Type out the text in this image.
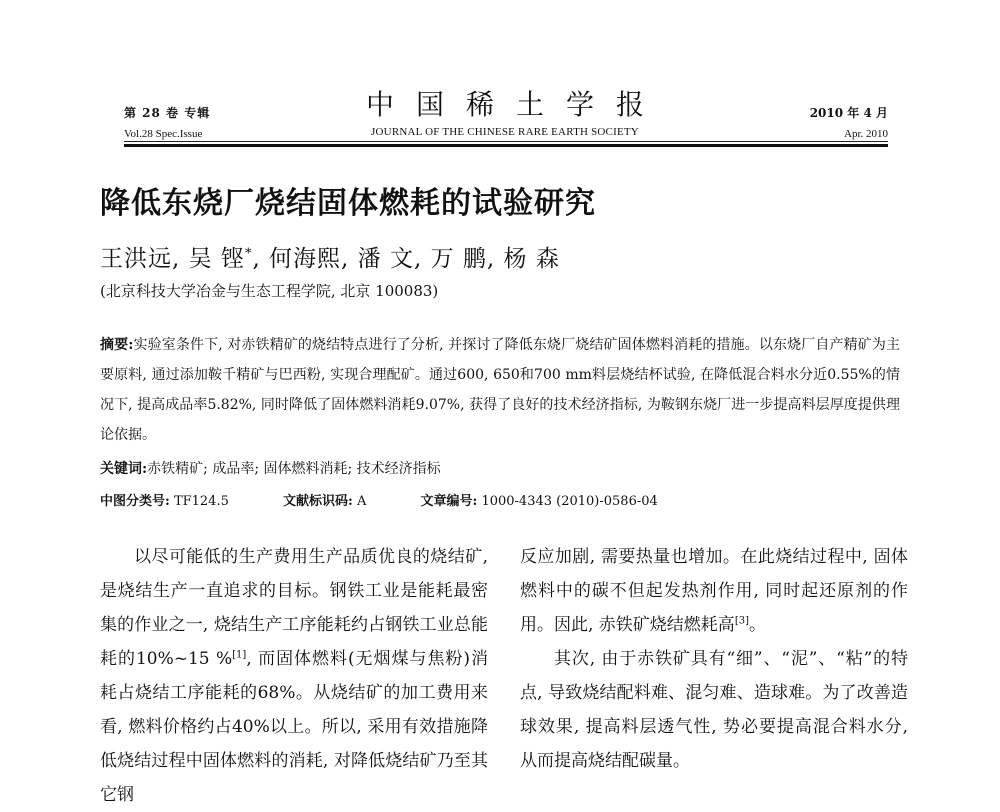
第 28 卷 专辑
Vol.28 Spec.Issue
中国稀土学报
JOURNAL OF THE CHINESE RARE EARTH SOCIETY
2010 年 4 月
Apr. 2010
降低东烧厂烧结固体燃耗的试验研究
王洪远, 吴 铿*, 何海熙, 潘 文, 万 鹏, 杨 森
(北京科技大学冶金与生态工程学院, 北京 100083)
摘要:实验室条件下, 对赤铁精矿的烧结特点进行了分析, 并探讨了降低东烧厂烧结矿固体燃料消耗的措施。以东烧厂自产精矿为主要原料, 通过添加鞍千精矿与巴西粉, 实现合理配矿。通过600, 650和700 mm料层烧结杯试验, 在降低混合料水分近0.55%的情况下, 提高成品率5.82%, 同时降低了固体燃料消耗9.07%, 获得了良好的技术经济指标, 为鞍钢东烧厂进一步提高料层厚度提供理论依据。
关键词:赤铁精矿; 成品率; 固体燃料消耗; 技术经济指标
中图分类号: TF124.5	文献标识码: A	文章编号: 1000-4343 (2010)-0586-04

以尽可能低的生产费用生产品质优良的烧结矿, 是烧结生产一直追求的目标。钢铁工业是能耗最密集的作业之一, 烧结生产工序能耗约占钢铁工业总能耗的10%~15 %[1], 而固体燃料(无烟煤与焦粉)消耗占烧结工序能耗的68%。从烧结矿的加工费用来看, 燃料价格约占40%以上。所以, 采用有效措施降低烧结过程中固体燃料的消耗, 对降低烧结矿乃至其它钢

反应加剧, 需要热量也增加。在此烧结过程中, 固体燃料中的碳不但起发热剂作用, 同时起还原剂的作用。因此, 赤铁矿烧结燃耗高[3]。

其次, 由于赤铁矿具有“细”、“泥”、“粘”的特点, 导致烧结配料难、混匀难、造球难。为了改善造球效果, 提高料层透气性, 势必要提高混合料水分, 从而提高烧结配碳量。
